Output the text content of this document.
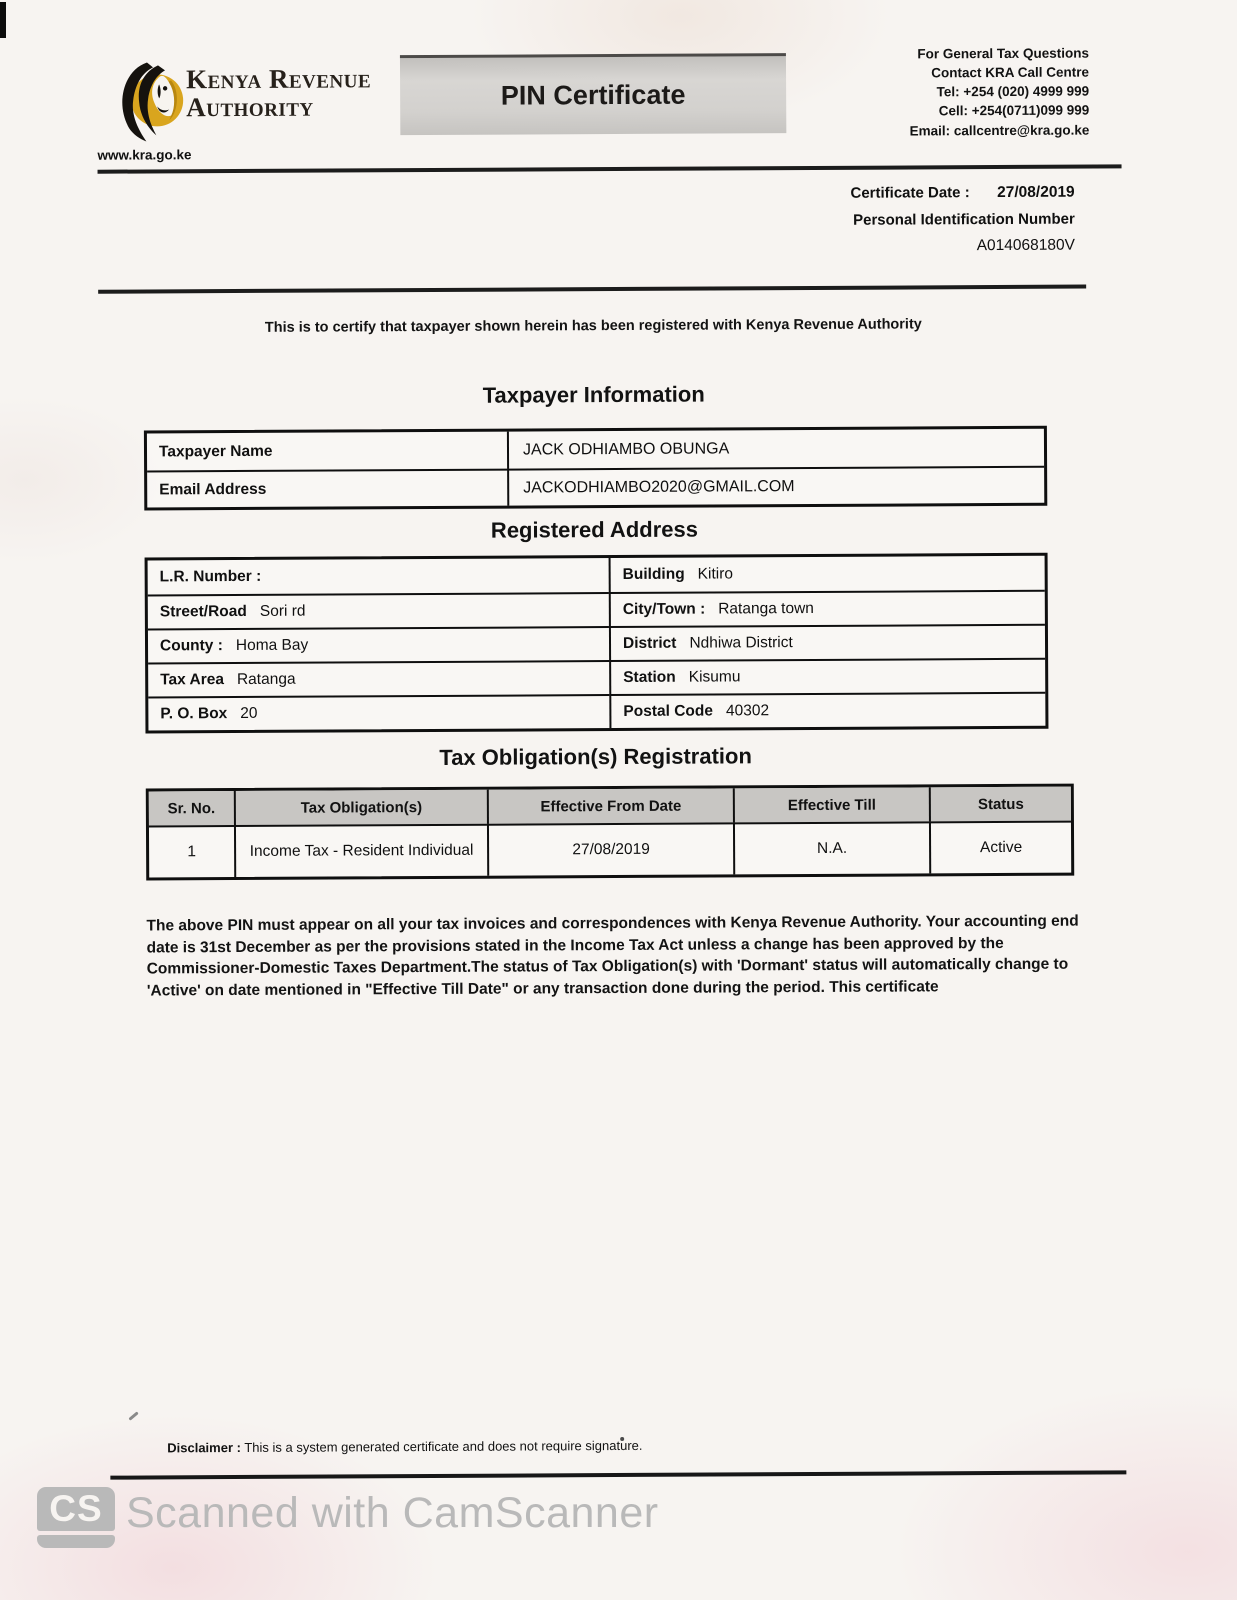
Kenya Revenue
Authority	PIN Certificate
For General Tax Questions
Contact KRA Call Centre
Tel: +254 (020) 4999 999
Cell: +254(0711)099 999
Email: callcentre@kra.go.ke
www.kra.go.ke
Certificate Date : 27/08/2019
Personal Identification Number
A014068180V
This is to certify that taxpayer shown herein has been registered with Kenya Revenue Authority
Taxpayer Information
Taxpayer Name	JACK ODHIAMBO OBUNGA
Email Address	JACKODHIAMBO2020@GMAIL.COM
Registered Address
L.R. Number :	Building Kitiro
Street/Road Sori rd	City/Town : Ratanga town
County : Homa Bay	District Ndhiwa District
Tax Area Ratanga	Station Kisumu
P. O. Box 20	Postal Code 40302
Tax Obligation(s) Registration
Sr. No.	Tax Obligation(s)	Effective From Date	Effective Till	Status
1	Income Tax - Resident Individual	27/08/2019	N.A.	Active
The above PIN must appear on all your tax invoices and correspondences with Kenya Revenue Authority. Your accounting end date is 31st December as per the provisions stated in the Income Tax Act unless a change has been approved by the Commissioner-Domestic Taxes Department.The status of Tax Obligation(s) with 'Dormant' status will automatically change to 'Active' on date mentioned in "Effective Till Date" or any transaction done during the period. This certificate
Disclaimer : This is a system generated certificate and does not require signature.
CS Scanned with CamScanner
